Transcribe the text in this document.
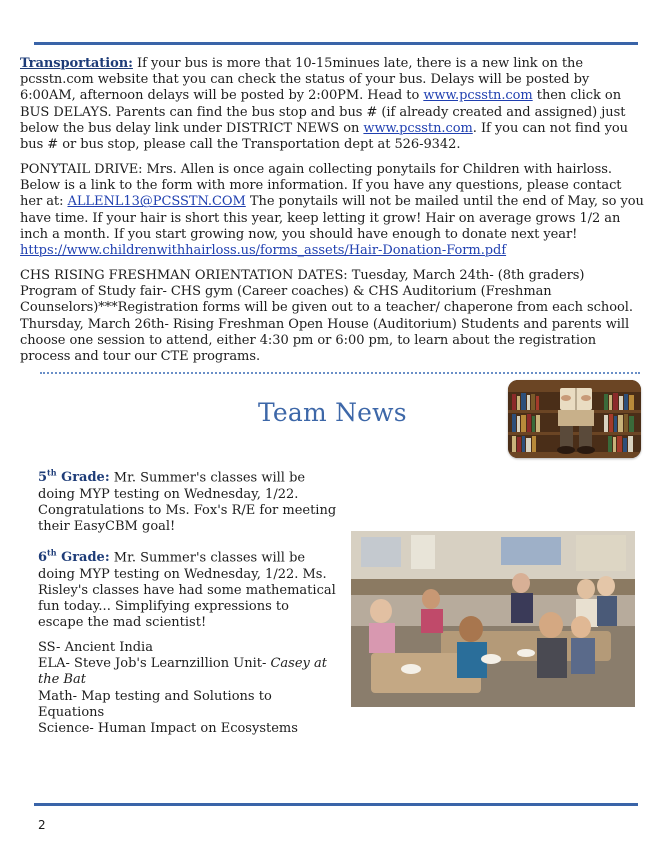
Transportation: If your bus is more that 10-15minues late, there is a new link on the pcsstn.com website that you can check the status of your bus. Delays will be posted by 6:00AM, afternoon delays will be posted by 2:00PM. Head to www.pcsstn.com then click on BUS DELAYS. Parents can find the bus stop and bus # (if already created and assigned) just below the bus delay link under DISTRICT NEWS on www.pcsstn.com. If you can not find you bus # or bus stop, please call the Transportation dept at 526-9342.

PONYTAIL DRIVE: Mrs. Allen is once again collecting ponytails for Children with hairloss. Below is a link to the form with more information. If you have any questions, please contact her at: ALLENL13@PCSSTN.COM The ponytails will not be mailed until the end of May, so you have time. If your hair is short this year, keep letting it grow! Hair on average grows 1/2 an inch a month. If you start growing now, you should have enough to donate next year! https://www.childrenwithhairloss.us/forms_assets/Hair-Donation-Form.pdf

CHS RISING FRESHMAN ORIENTATION DATES: Tuesday, March 24th- (8th graders) Program of Study fair- CHS gym (Career coaches) & CHS Auditorium (Freshman Counselors)***Registration forms will be given out to a teacher/ chaperone from each school. Thursday, March 26th- Rising Freshman Open House (Auditorium) Students and parents will choose one session to attend, either 4:30 pm or 6:00 pm, to learn about the registration process and tour our CTE programs.

Team News

5th Grade: Mr. Summer's classes will be doing MYP testing on Wednesday, 1/22. Congratulations to Ms. Fox's R/E for meeting their EasyCBM goal!

6th Grade: Mr. Summer's classes will be doing MYP testing on Wednesday, 1/22. Ms. Risley's classes have had some mathematical fun today... Simplifying expressions to escape the mad scientist!

SS- Ancient India
ELA- Steve Job's Learnzillion Unit- Casey at the Bat
Math- Map testing and Solutions to Equations
Science- Human Impact on Ecosystems
2
